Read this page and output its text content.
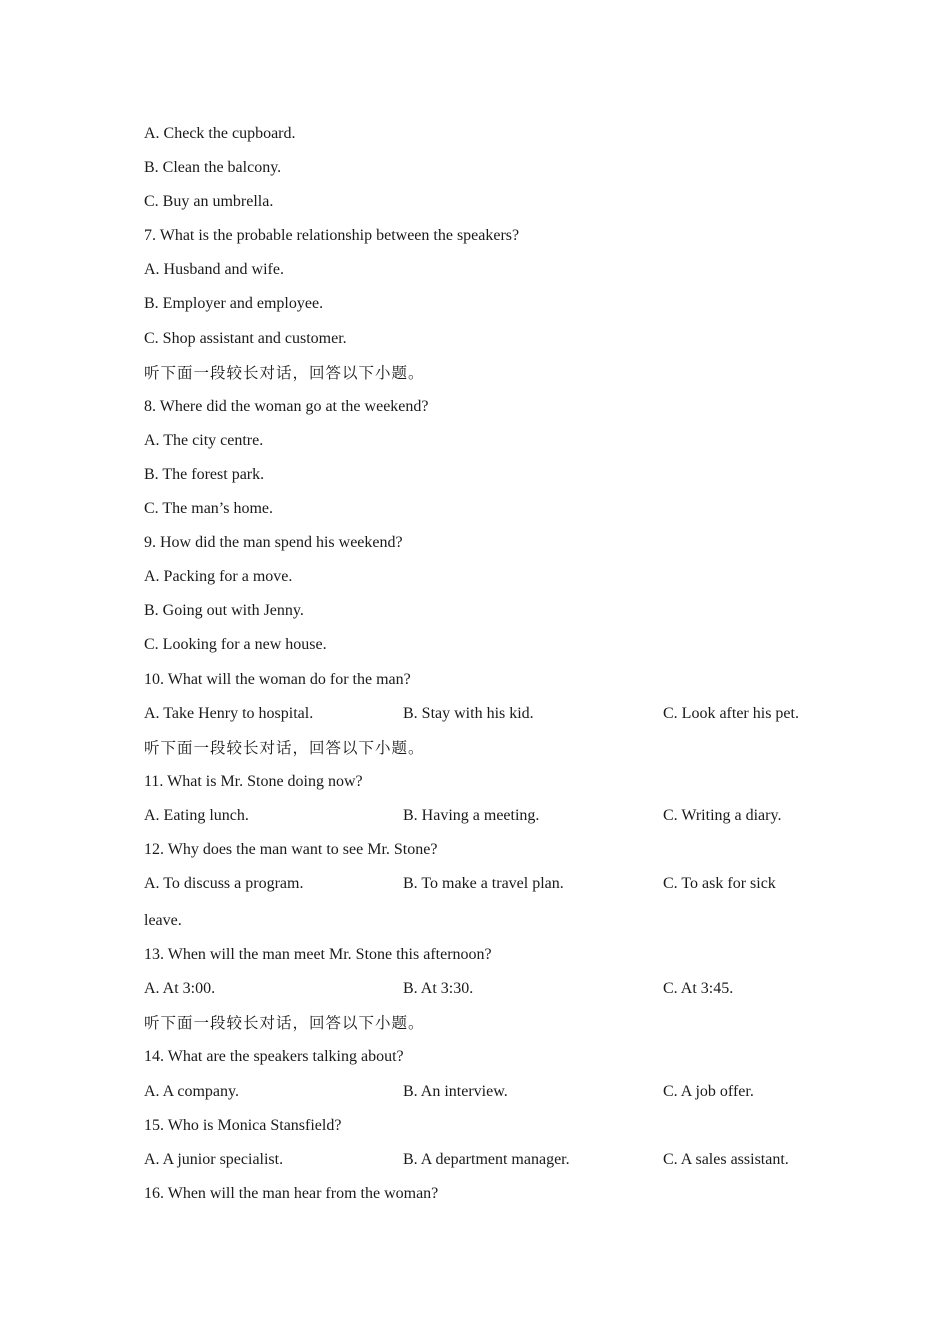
A. Check the cupboard.
B. Clean the balcony.
C. Buy an umbrella.
7. What is the probable relationship between the speakers?
A. Husband and wife.
B. Employer and employee.
C. Shop assistant and customer.
听下面一段较长对话，回答以下小题。
8. Where did the woman go at the weekend?
A. The city centre.
B. The forest park.
C. The man’s home.
9. How did the man spend his weekend?
A. Packing for a move.
B. Going out with Jenny.
C. Looking for a new house.
10. What will the woman do for the man?
A. Take Henry to hospital.	B. Stay with his kid.	C. Look after his pet.
听下面一段较长对话，回答以下小题。
11. What is Mr. Stone doing now?
A. Eating lunch.	B. Having a meeting.	C. Writing a diary.
12. Why does the man want to see Mr. Stone?
A. To discuss a program.	B. To make a travel plan.	C. To ask for sick
leave.
13. When will the man meet Mr. Stone this afternoon?
A. At 3:00.	B. At 3:30.	C. At 3:45.
听下面一段较长对话，回答以下小题。
14. What are the speakers talking about?
A. A company.	B. An interview.	C. A job offer.
15. Who is Monica Stansfield?
A. A junior specialist.	B. A department manager.	C. A sales assistant.
16. When will the man hear from the woman?
